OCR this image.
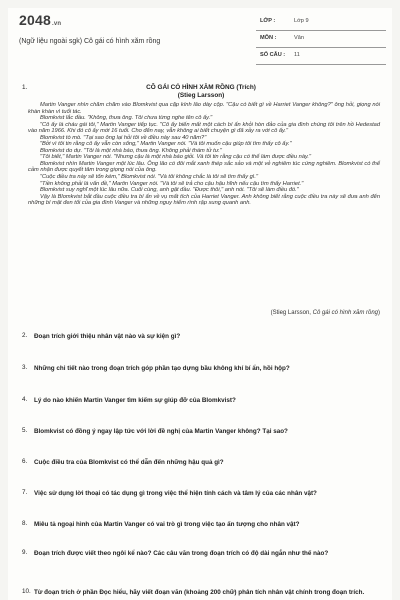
2048.vn
(Ngữ liệu ngoài sgk) Cô gái có hình xăm rồng
LỚP :	Lớp 9
MÔN :	Văn
SỐ CÂU : 11
1.	CÔ GÁI CÓ HÌNH XĂM RỒNG (Trích)
(Stieg Larsson)

Martin Vanger nhìn chăm chăm vào Blomkvist qua cặp kính lão dày cộp. "Cậu có biết gì về Harriet Vanger không?" ông hỏi, giọng nói khàn khàn vì tuổi tác.

Blomkvist lắc đầu. "Không, thưa ông. Tôi chưa từng nghe tên cô ấy."

"Cô ấy là cháu gái tôi," Martin Vanger tiếp tục. "Cô ấy biến mất một cách bí ẩn khỏi hòn đảo của gia đình chúng tôi trên hồ Hedestad vào năm 1966. Khi đó cô ấy mới 16 tuổi. Cho đến nay, vẫn không ai biết chuyện gì đã xảy ra với cô ấy."

Blomkvist tò mò. "Tại sao ông lại hỏi tôi về điều này sau 40 năm?"

"Bởi vì tôi tin rằng cô ấy vẫn còn sống," Martin Vanger nói. "Và tôi muốn cậu giúp tôi tìm thấy cô ấy."

Blomkvist do dự. "Tôi là một nhà báo, thưa ông. Không phải thám tử tư."

"Tôi biết," Martin Vanger nói. "Nhưng cậu là một nhà báo giỏi. Và tôi tin rằng cậu có thể làm được điều này."

Blomkvist nhìn Martin Vanger một lúc lâu. Ông lão có đôi mắt xanh thép sắc sảo và một vẻ nghiêm túc cứng nghiêm. Blomkvist có thể cảm nhận được quyết tâm trong giọng nói của ông.

"Cuộc điều tra này sẽ tốn kém," Blomkvist nói. "Và tôi không chắc là tôi sẽ tìm thấy gì."

"Tiền không phải là vấn đề," Martin Vanger nói. "Và tôi sẽ trả cho cậu hậu hĩnh nếu cậu tìm thấy Harriet."

Blomkvist suy nghĩ một lúc lâu nữa. Cuối cùng, anh gật đầu. "Được thôi," anh nói. "Tôi sẽ làm điều đó."

Vậy là Blomkvist bắt đầu cuộc điều tra bí ẩn về vụ mất tích của Harriet Vanger. Anh không biết rằng cuộc điều tra này sẽ đưa anh đến những bí mật đen tối của gia đình Vanger và những nguy hiểm rình rập xung quanh anh.

(Stieg Larsson, Cô gái có hình xăm rồng)
2. Đoạn trích giới thiệu nhân vật nào và sự kiện gì?
3. Những chi tiết nào trong đoạn trích góp phần tạo dựng bầu không khí bí ẩn, hồi hộp?
4. Lý do nào khiến Martin Vanger tìm kiếm sự giúp đỡ của Blomkvist?
5. Blomkvist có đồng ý ngay lập tức với lời đề nghị của Martin Vanger không? Tại sao?
6. Cuộc điều tra của Blomkvist có thể dẫn đến những hậu quả gì?
7. Việc sử dụng lời thoại có tác dụng gì trong việc thể hiện tính cách và tâm lý của các nhân vật?
8. Miêu tả ngoại hình của Martin Vanger có vai trò gì trong việc tạo ấn tượng cho nhân vật?
9. Đoạn trích được viết theo ngôi kể nào? Các câu văn trong đoạn trích có độ dài ngắn như thế nào?
10. Từ đoạn trích ở phần Đọc hiểu, hãy viết đoạn văn (khoảng 200 chữ) phân tích nhân vật chính trong đoạn trích.
